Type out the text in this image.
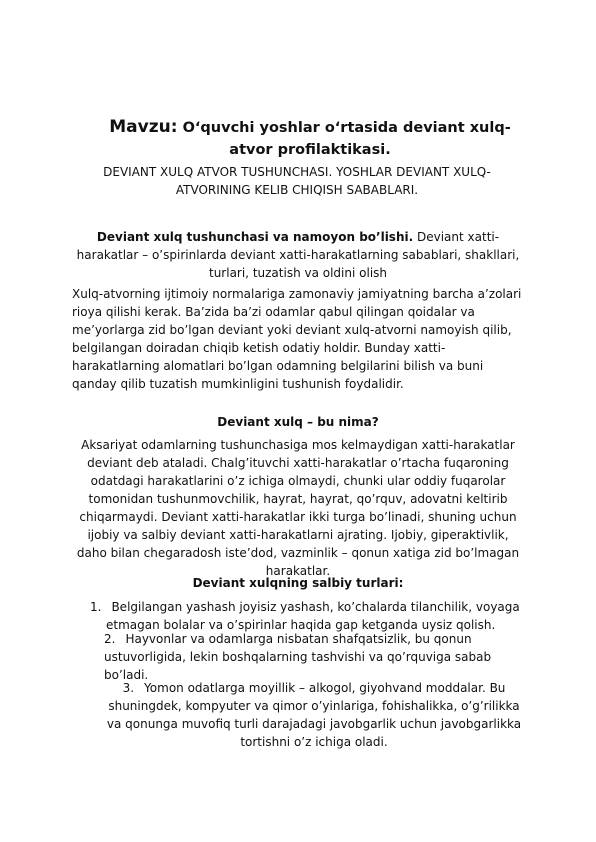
Mavzu: O‘quvchi yoshlar o‘rtasida deviant xulq-atvor profilaktikasi.
DEVIANT XULQ ATVOR TUSHUNCHASI. YOSHLAR DEVIANT XULQ-ATVORINING KELIB CHIQISH SABABLARI.
Deviant xulq tushunchasi va namoyon bo’lishi. Deviant xatti-harakatlar – o’spirinlarda deviant xatti-harakatlarning sabablari, shakllari, turlari, tuzatish va oldini olish
Xulq-atvorning ijtimoiy normalariga zamonaviy jamiyatning barcha a’zolari rioya qilishi kerak. Ba’zida ba’zi odamlar qabul qilingan qoidalar va me’yorlarga zid bo’lgan deviant yoki deviant xulq-atvorni namoyish qilib, belgilangan doiradan chiqib ketish odatiy holdir. Bunday xatti-harakatlarning alomatlari bo’lgan odamning belgilarini bilish va buni qanday qilib tuzatish mumkinligini tushunish foydalidir.
Deviant xulq – bu nima?
Aksariyat odamlarning tushunchasiga mos kelmaydigan xatti-harakatlar deviant deb ataladi. Chalg’ituvchi xatti-harakatlar o’rtacha fuqaroning odatdagi harakatlarini o’z ichiga olmaydi, chunki ular oddiy fuqarolar tomonidan tushunmovchilik, hayrat, hayrat, qo’rquv, adovatni keltirib chiqarmaydi. Deviant xatti-harakatlar ikki turga bo’linadi, shuning uchun ijobiy va salbiy deviant xatti-harakatlarni ajrating. Ijobiy, giperaktivlik, daho bilan chegaradosh iste’dod, vazminlik – qonun xatiga zid bo’lmagan harakatlar.
Deviant xulqning salbiy turlari:
1. Belgilangan yashash joyisiz yashash, ko’chalarda tilanchilik, voyaga
etmagan bolalar va o’spirinlar haqida gap ketganda uysiz qolish.
2. Hayvonlar va odamlarga nisbatan shafqatsizlik, bu qonun ustuvorligida, lekin boshqalarning tashvishi va qo’rquviga sabab bo’ladi.
3. Yomon odatlarga moyillik – alkogol, giyohvand moddalar. Bu shuningdek, kompyuter va qimor o’yinlariga, fohishalikka, o’g’rilikka va qonunga muvofiq turli darajadagi javobgarlik uchun javobgarlikka tortishni o’z ichiga oladi.
